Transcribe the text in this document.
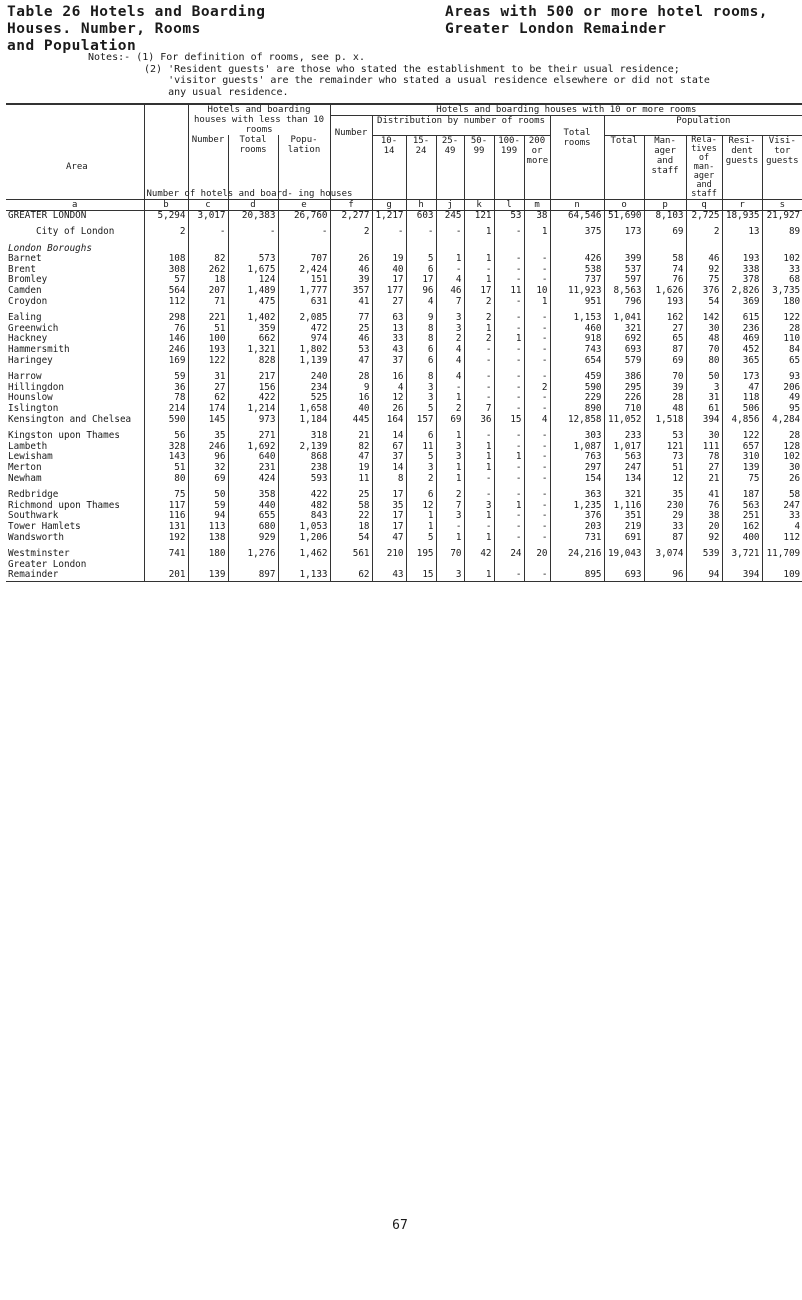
Table 26 Hotels and Boarding
Houses. Number, Rooms
and Population
Areas with 500 or more hotel rooms,
Greater London Remainder
Notes:- (1) For definition of rooms, see p. x.
(2) 'Resident guests' are those who stated the establishment to be their usual residence;
'visitor guests' are the remainder who stated a usual residence elsewhere or did not state
any usual residence.
	Number of hotels and board- ing houses	Hotels and boarding houses with less than 10 rooms			Hotels and boarding houses with 10 or more rooms												
					Number	Distribution by number of rooms						Total rooms	Population				
Area		Number	Total rooms	Popu- lation		10- 14	15- 24	25- 49	50- 99	100- 199	200 or more		Total	Man- ager and staff	Rela- tives of man- ager and staff	Resi- dent guests	Visi- tor guests
a	b	c	d	e	f	g	h	j	k	l	m	n	o	p	q	r	s
GREATER LONDON	5,294	3,017	20,383	26,760	2,277	1,217	603	245	121	53	38	64,546	51,690	8,103	2,725	18,935	21,927

City of London	2	-	-	-	2	-	-	-	1	-	1	375	173	69	2	13	89

London Boroughs																	
Barnet	108	82	573	707	26	19	5	1	1	-	-	426	399	58	46	193	102
Brent	308	262	1,675	2,424	46	40	6	-	-	-	-	538	537	74	92	338	33
Bromley	57	18	124	151	39	17	17	4	1	-	-	737	597	76	75	378	68
Camden	564	207	1,489	1,777	357	177	96	46	17	11	10	11,923	8,563	1,626	376	2,826	3,735
Croydon	112	71	475	631	41	27	4	7	2	-	1	951	796	193	54	369	180

Ealing	298	221	1,402	2,085	77	63	9	3	2	-	-	1,153	1,041	162	142	615	122
Greenwich	76	51	359	472	25	13	8	3	1	-	-	460	321	27	30	236	28
Hackney	146	100	662	974	46	33	8	2	2	1	-	918	692	65	48	469	110
Hammersmith	246	193	1,321	1,802	53	43	6	4	-	-	-	743	693	87	70	452	84
Haringey	169	122	828	1,139	47	37	6	4	-	-	-	654	579	69	80	365	65

Harrow	59	31	217	240	28	16	8	4	-	-	-	459	386	70	50	173	93
Hillingdon	36	27	156	234	9	4	3	-	-	-	2	590	295	39	3	47	206
Hounslow	78	62	422	525	16	12	3	1	-	-	-	229	226	28	31	118	49
Islington	214	174	1,214	1,658	40	26	5	2	7	-	-	890	710	48	61	506	95
Kensington and Chelsea	590	145	973	1,184	445	164	157	69	36	15	4	12,858	11,052	1,518	394	4,856	4,284

Kingston upon Thames	56	35	271	318	21	14	6	1	-	-	-	303	233	53	30	122	28
Lambeth	328	246	1,692	2,139	82	67	11	3	1	-	-	1,087	1,017	121	111	657	128
Lewisham	143	96	640	868	47	37	5	3	1	1	-	763	563	73	78	310	102
Merton	51	32	231	238	19	14	3	1	1	-	-	297	247	51	27	139	30
Newham	80	69	424	593	11	8	2	1	-	-	-	154	134	12	21	75	26

Redbridge	75	50	358	422	25	17	6	2	-	-	-	363	321	35	41	187	58
Richmond upon Thames	117	59	440	482	58	35	12	7	3	1	-	1,235	1,116	230	76	563	247
Southwark	116	94	655	843	22	17	1	3	1	-	-	376	351	29	38	251	33
Tower Hamlets	131	113	680	1,053	18	17	1	-	-	-	-	203	219	33	20	162	4
Wandsworth	192	138	929	1,206	54	47	5	1	1	-	-	731	691	87	92	400	112

Westminster	741	180	1,276	1,462	561	210	195	70	42	24	20	24,216	19,043	3,074	539	3,721	11,709
Greater London																	
Remainder	201	139	897	1,133	62	43	15	3	1	-	-	895	693	96	94	394	109
67
